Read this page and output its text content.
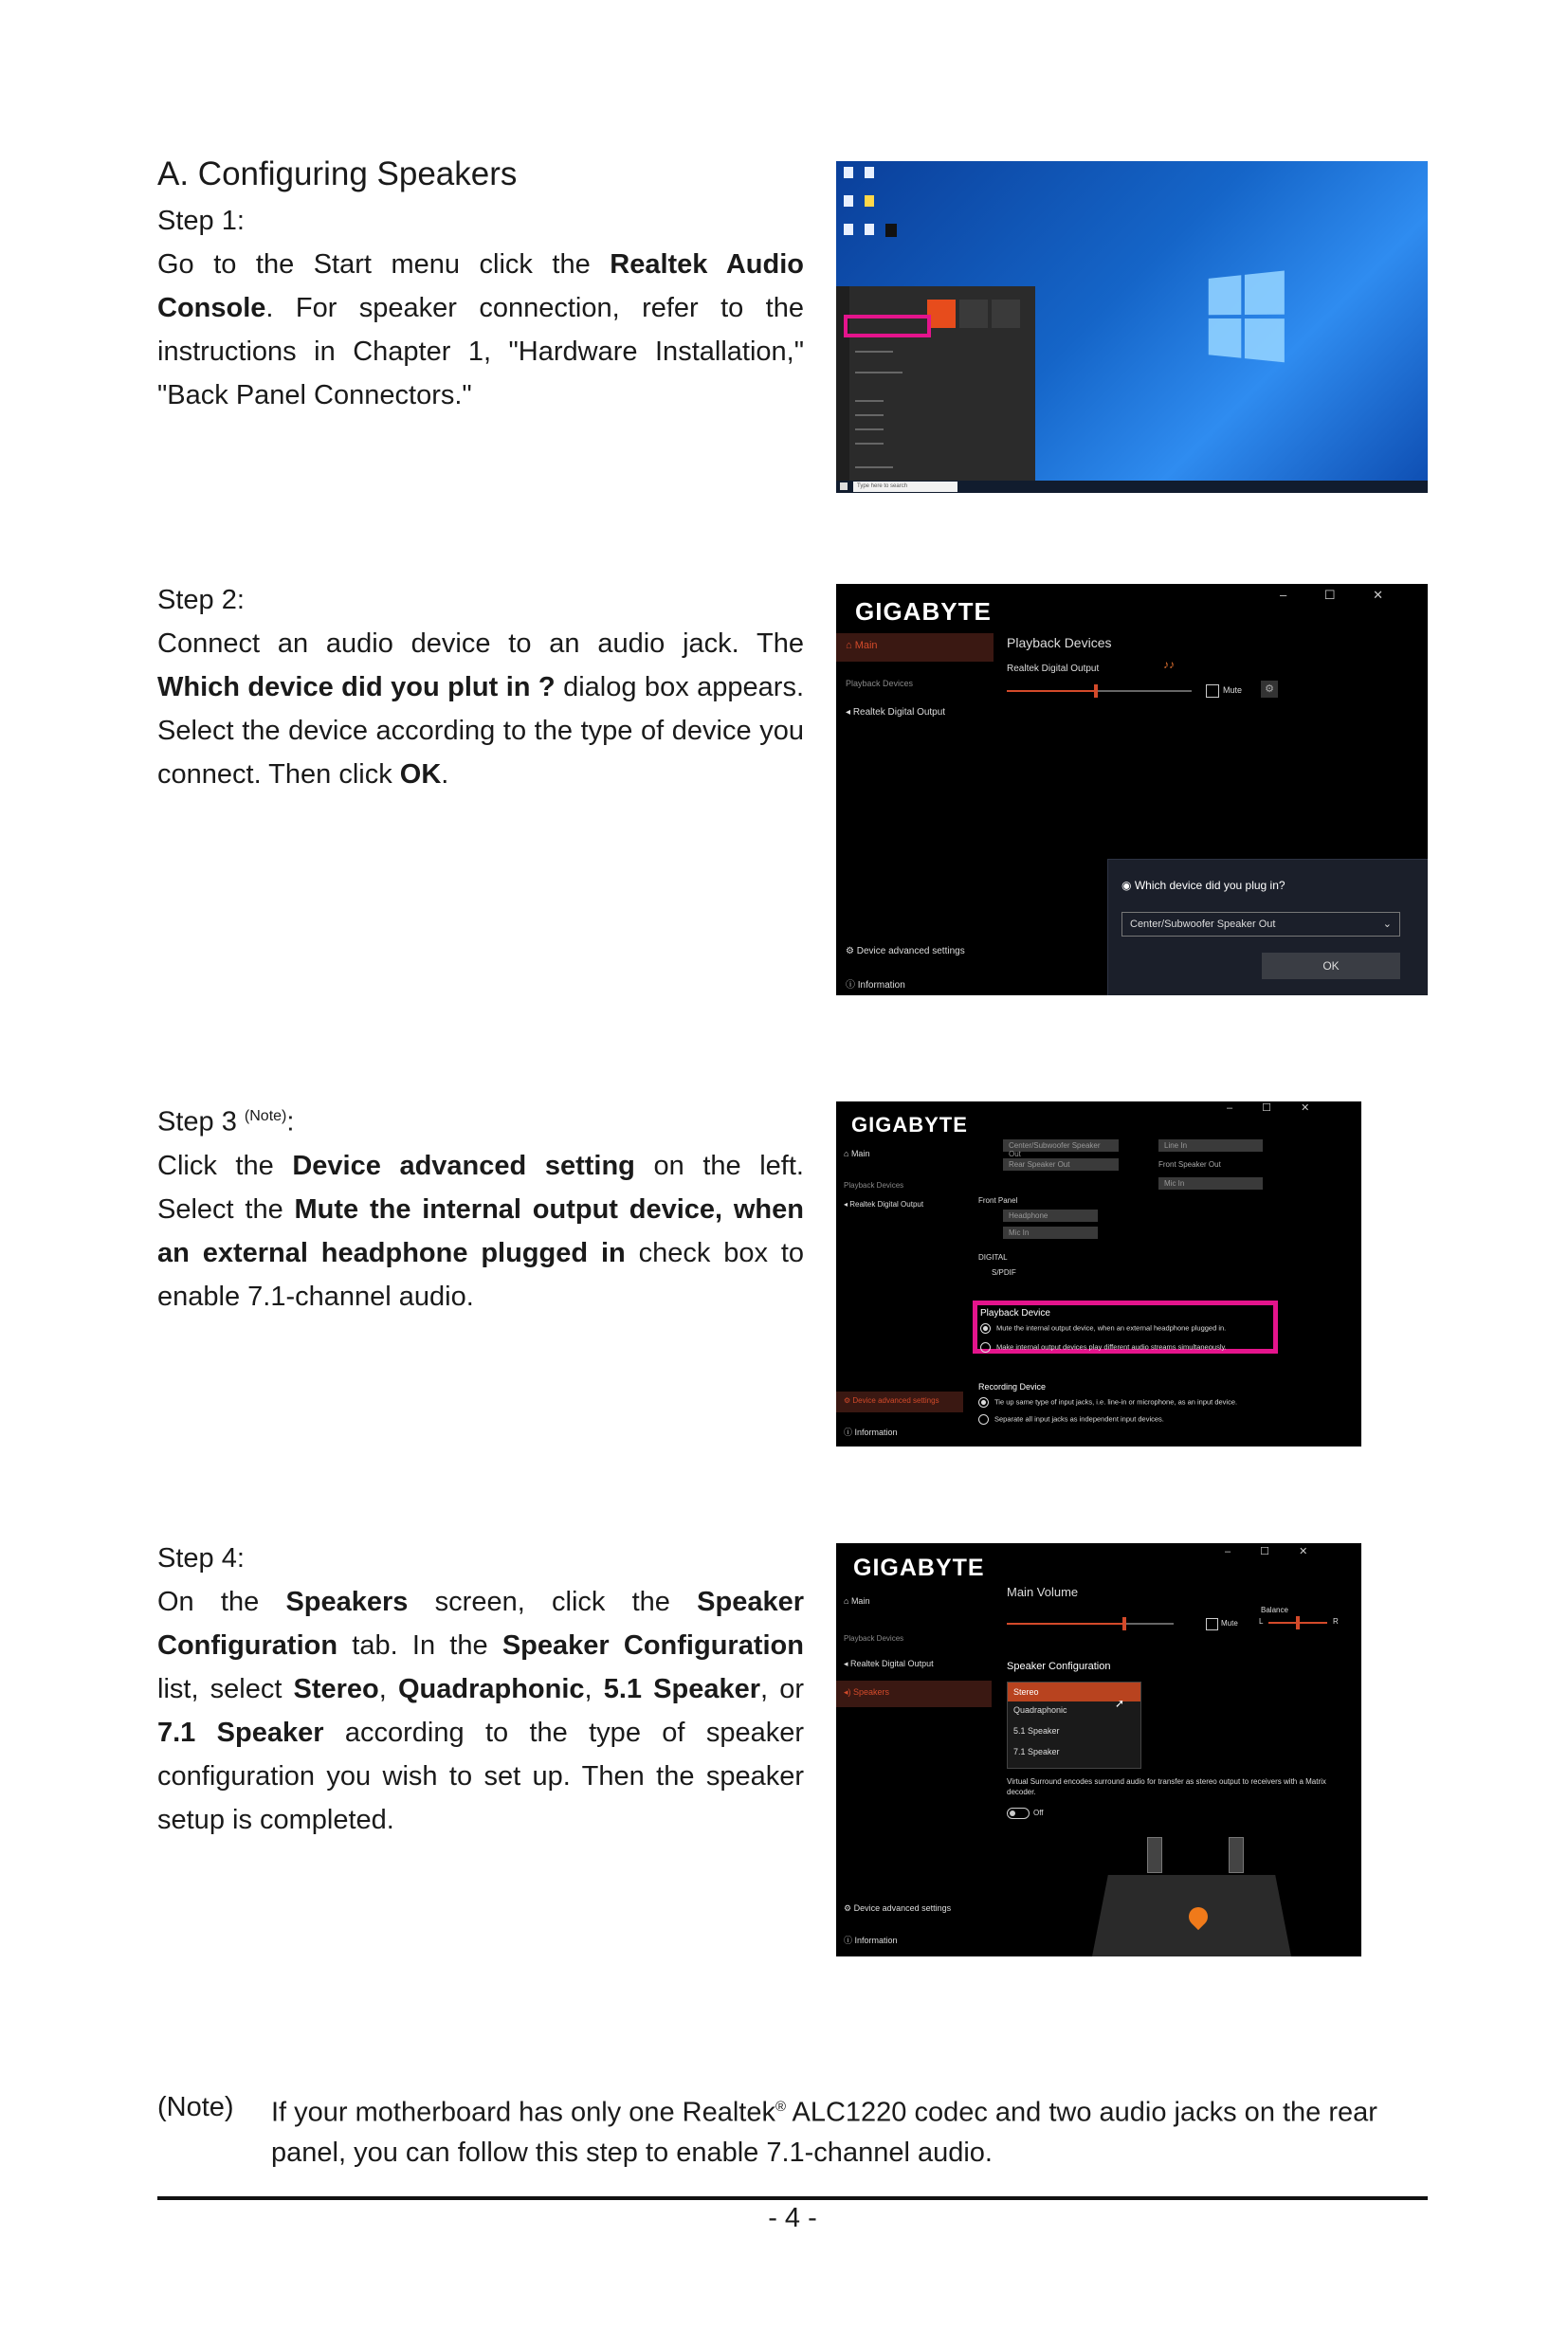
A. Configuring Speakers
Step 1:
Go to the Start menu click the Realtek Audio Console. For speaker connection, refer to the instructions in Chapter 1, "Hardware Installation," "Back Panel Connectors."
Type here to search
Step 2:
Connect an audio device to an audio jack. The Which device did you plut in ? dialog box appears. Select the device according to the type of device you connect. Then click OK.
GIGABYTE
– ☐ ✕
⌂ Main
Playback Devices
◂ Realtek Digital Output
⚙ Device advanced settings
ⓘ Information
Playback Devices
Realtek Digital Output	♪♪
Mute	⚙
◉ Which device did you plug in?
Center/Subwoofer Speaker Out	⌄
OK
Step 3 $^{(Note)}$:
Click the Device advanced setting on the left. Select the Mute the internal output device, when an external headphone plugged in check box to enable 7.1-channel audio.
GIGABYTE
– ☐ ✕
⌂ Main
Playback Devices
◂ Realtek Digital Output
⚙ Device advanced settings
ⓘ Information
Center/Subwoofer Speaker Out
Rear Speaker Out
Line In
Front Speaker Out
Mic In
Front Panel
Headphone
Mic In
DIGITAL
S/PDIF
Playback Device
Mute the internal output device, when an external headphone plugged in.
Make internal output devices play different audio streams simultaneously.
Recording Device
Tie up same type of input jacks, i.e. line-in or microphone, as an input device.
Separate all input jacks as independent input devices.
Step 4:
On the Speakers screen, click the Speaker Configuration tab. In the Speaker Configuration list, select Stereo, Quadraphonic, 5.1 Speaker, or 7.1 Speaker according to the type of speaker configuration you wish to set up. Then the speaker setup is completed.
GIGABYTE
– ☐ ✕
⌂ Main
Playback Devices
◂ Realtek Digital Output
◂) Speakers
⚙ Device advanced settings
ⓘ Information
Main Volume
Mute
Balance
L	R
Speaker Configuration
Stereo
Quadraphonic
5.1 Speaker
7.1 Speaker
➚
Virtual Surround encodes surround audio for transfer as stereo output to receivers with a Matrix decoder.
Off
(Note) If your motherboard has only one Realtek® ALC1220 codec and two audio jacks on the rear panel, you can follow this step to enable 7.1-channel audio.
- 4 -
